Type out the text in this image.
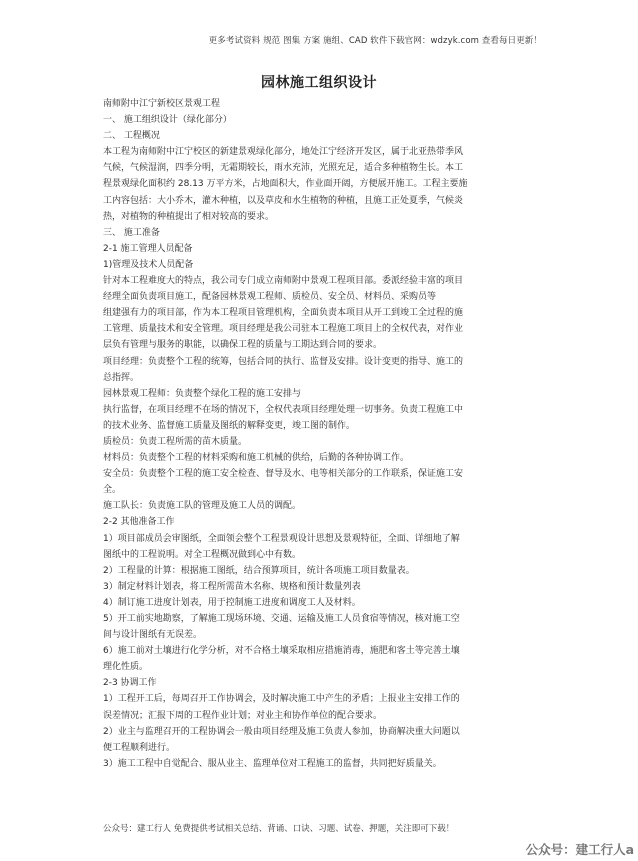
更多考试资料 规范 图集 方案 施组、CAD 软件下载官网：wdzyk.com 查看每日更新！
园林施工组织设计

南师附中江宁新校区景观工程

一、 施工组织设计（绿化部分）

二、 工程概况

本工程为南师附中江宁校区的新建景观绿化部分，地处江宁经济开发区，属于北亚热带季风

气候，气候湿润，四季分明，无霜期较长，雨水充沛，光照充足，适合多种植物生长。本工

程景观绿化面积约 28.13 万平方米，占地面积大，作业面开阔，方便展开施工。工程主要施

工内容包括：大小乔木，灌木种植，以及草皮和水生植物的种植，且施工正处夏季，气候炎

热，对植物的种植提出了相对较高的要求。

三、 施工准备

2-1 施工管理人员配备

1)管理及技术人员配备

针对本工程难度大的特点，我公司专门成立南师附中景观工程项目部。委派经验丰富的项目

经理全面负责项目施工，配备园林景观工程师、质检员、安全员、材料员、采购员等

组建强有力的项目部，作为本工程项目管理机构，全面负责本项目从开工到竣工全过程的施

工管理、质量技术和安全管理。项目经理是我公司驻本工程施工项目上的全权代表，对作业

层负有管理与服务的职能，以确保工程的质量与工期达到合同的要求。

项目经理：负责整个工程的统筹，包括合同的执行、监督及安排。设计变更的指导、施工的

总指挥。

园林景观工程师：负责整个绿化工程的施工安排与

执行监督，在项目经理不在场的情况下，全权代表项目经理处理一切事务。负责工程施工中

的技术业务、监督施工质量及图纸的解释变更，竣工图的制作。

质检员：负责工程所需的苗木质量。

材料员：负责整个工程的材料采购和施工机械的供给，后勤的各种协调工作。

安全员：负责整个工程的施工安全检查、督导及水、电等相关部分的工作联系，保证施工安

全。

施工队长：负责施工队的管理及施工人员的调配。

2-2 其他准备工作

1）项目部成员会审图纸，全面领会整个工程景观设计思想及景观特征，全面、详细地了解

图纸中的工程说明。对全工程概况做到心中有数。

2）工程量的计算：根据施工图纸，结合预算项目，统计各项施工项目数量表。

3）制定材料计划表，将工程所需苗木名称、规格和预计数量列表

4）制订施工进度计划表，用于控制施工进度和调度工人及材料。

5）开工前实地勘察，了解施工现场环境、交通、运输及施工人员食宿等情况，核对施工空

间与设计图纸有无误差。

6）施工前对土壤进行化学分析，对不合格土壤采取相应措施消毒，施肥和客土等完善土壤

理化性质。

2-3 协调工作

1）工程开工后，每周召开工作协调会，及时解决施工中产生的矛盾；上报业主安排工作的

误差情况；汇报下周的工程作业计划；对业主和协作单位的配合要求。

2）业主与监理召开的工程协调会一般由项目经理及施工负责人参加，协商解决重大问题以

便工程顺利进行。

3）施工工程中自觉配合、服从业主、监理单位对工程施工的监督，共同把好质量关。

公众号：建工行人 免费提供考试相关总结、背诵、口诀、习题、试卷、押题，关注即可下载！
公众号：建工行人a
